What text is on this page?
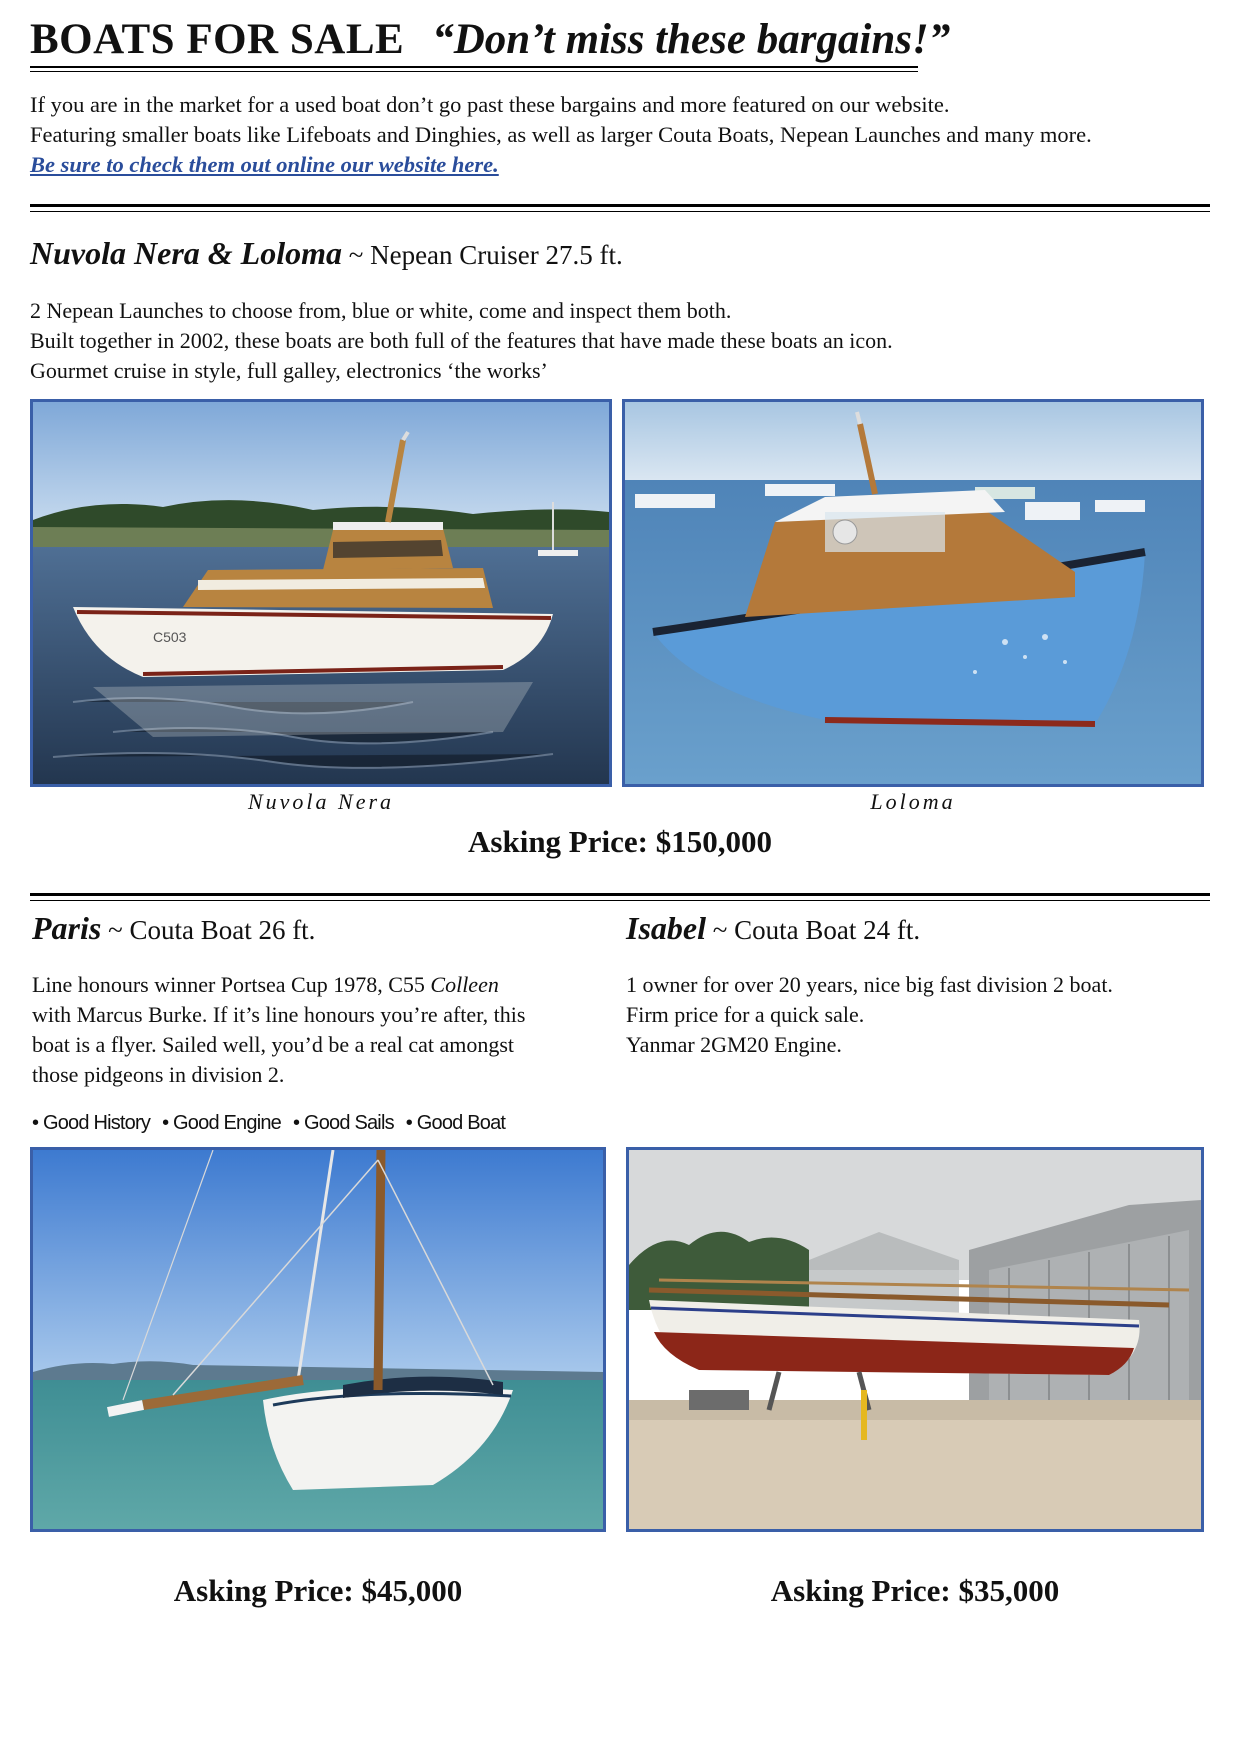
BOATS FOR SALE “Don’t miss these bargains!”
If you are in the market for a used boat don’t go past these bargains and more featured on our website.
Featuring smaller boats like Lifeboats and Dinghies, as well as larger Couta Boats, Nepean Launches and many more.
Be sure to check them out online our website here.
Nuvola Nera & Loloma ~ Nepean Cruiser 27.5 ft.
2 Nepean Launches to choose from, blue or white, come and inspect them both.
Built together in 2002, these boats are both full of the features that have made these boats an icon.
Gourmet cruise in style, full galley, electronics ‘the works’
C503
Nuvola Nera	Loloma
Asking Price: $150,000
Paris ~ Couta Boat 26 ft.
Line honours winner Portsea Cup 1978, C55 Colleen
with Marcus Burke. If it’s line honours you’re after, this
boat is a flyer. Sailed well, you’d be a real cat amongst
those pidgeons in division 2.
• Good History • Good Engine • Good Sails • Good Boat
Asking Price: $45,000
Isabel ~ Couta Boat 24 ft.
1 owner for over 20 years, nice big fast division 2 boat.
Firm price for a quick sale.
Yanmar 2GM20 Engine.
Asking Price: $35,000
